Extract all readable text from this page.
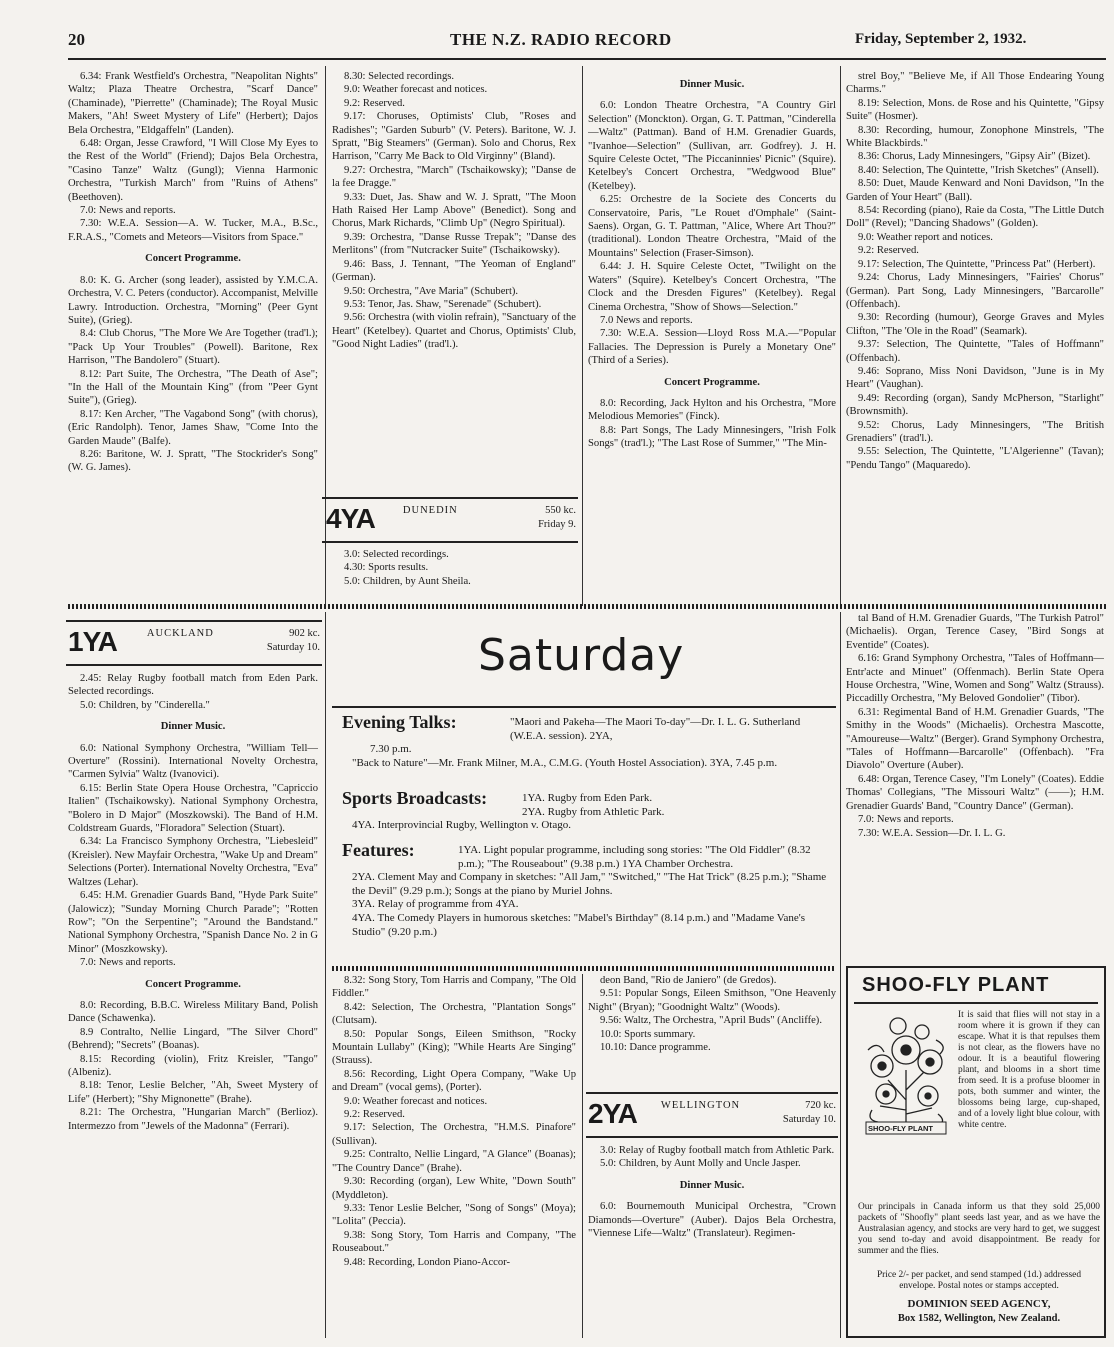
20	THE N.Z. RADIO RECORD	Friday, September 2, 1932.

6.34: Frank Westfield's Orchestra, "Neapolitan Nights" Waltz; Plaza Theatre Orchestra, "Scarf Dance" (Chaminade), "Pierrette" (Chaminade); The Royal Music Makers, "Ah! Sweet Mystery of Life" (Herbert); Dajos Bela Orchestra, "Eldgaffeln" (Landen).

6.48: Organ, Jesse Crawford, "I Will Close My Eyes to the Rest of the World" (Friend); Dajos Bela Orchestra, "Casino Tanze" Waltz (Gungl); Vienna Harmonic Orchestra, "Turkish March" from "Ruins of Athens" (Beethoven).

7.0: News and reports.

7.30: W.E.A. Session—A. W. Tucker, M.A., B.Sc., F.R.A.S., "Comets and Meteors—Visitors from Space."

Concert Programme.

8.0: K. G. Archer (song leader), assisted by Y.M.C.A. Orchestra, V. C. Peters (conductor). Accompanist, Melville Lawry. Introduction. Orchestra, "Morning" (Peer Gynt Suite), (Grieg).

8.4: Club Chorus, "The More We Are Together (trad'l.); "Pack Up Your Troubles" (Powell). Baritone, Rex Harrison, "The Bandolero" (Stuart).

8.12: Part Suite, The Orchestra, "The Death of Ase"; "In the Hall of the Mountain King" (from "Peer Gynt Suite"), (Grieg).

8.17: Ken Archer, "The Vagabond Song" (with chorus), (Eric Randolph). Tenor, James Shaw, "Come Into the Garden Maude" (Balfe).

8.26: Baritone, W. J. Spratt, "The Stockrider's Song" (W. G. James).

8.30: Selected recordings.

9.0: Weather forecast and notices.

9.2: Reserved.

9.17: Choruses, Optimists' Club, "Roses and Radishes"; "Garden Suburb" (V. Peters). Baritone, W. J. Spratt, "Big Steamers" (German). Solo and Chorus, Rex Harrison, "Carry Me Back to Old Virginny" (Bland).

9.27: Orchestra, "March" (Tschaikowsky); "Danse de la fee Dragge."

9.33: Duet, Jas. Shaw and W. J. Spratt, "The Moon Hath Raised Her Lamp Above" (Benedict). Song and Chorus, Mark Richards, "Climb Up" (Negro Spiritual).

9.39: Orchestra, "Danse Russe Trepak"; "Danse des Merlitons" (from "Nutcracker Suite" (Tschaikowsky).

9.46: Bass, J. Tennant, "The Yeoman of England" (German).

9.50: Orchestra, "Ave Maria" (Schubert).

9.53: Tenor, Jas. Shaw, "Serenade" (Schubert).

9.56: Orchestra (with violin refrain), "Sanctuary of the Heart" (Ketelbey). Quartet and Chorus, Optimists' Club, "Good Night Ladies" (trad'l.).

4YA	DUNEDIN	550 kc.
Friday 9.

3.0: Selected recordings.

4.30: Sports results.

5.0: Children, by Aunt Sheila.

Dinner Music.

6.0: London Theatre Orchestra, "A Country Girl Selection" (Monckton). Organ, G. T. Pattman, "Cinderella—Waltz" (Pattman). Band of H.M. Grenadier Guards, "Ivanhoe—Selection" (Sullivan, arr. Godfrey). J. H. Squire Celeste Octet, "The Piccaninnies' Picnic" (Squire). Ketelbey's Concert Orchestra, "Wedgwood Blue" (Ketelbey).

6.25: Orchestre de la Societe des Concerts du Conservatoire, Paris, "Le Rouet d'Omphale" (Saint-Saens). Organ, G. T. Pattman, "Alice, Where Art Thou?" (traditional). London Theatre Orchestra, "Maid of the Mountains" Selection (Fraser-Simson).

6.44: J. H. Squire Celeste Octet, "Twilight on the Waters" (Squire). Ketelbey's Concert Orchestra, "The Clock and the Dresden Figures" (Ketelbey). Regal Cinema Orchestra, "Show of Shows—Selection."

7.0 News and reports.

7.30: W.E.A. Session—Lloyd Ross M.A.—"Popular Fallacies. The Depression is Purely a Monetary One" (Third of a Series).

Concert Programme.

8.0: Recording, Jack Hylton and his Orchestra, "More Melodious Memories" (Finck).

8.8: Part Songs, The Lady Minnesingers, "Irish Folk Songs" (trad'l.); "The Last Rose of Summer," "The Min-

strel Boy," "Believe Me, if All Those Endearing Young Charms."

8.19: Selection, Mons. de Rose and his Quintette, "Gipsy Suite" (Hosmer).

8.30: Recording, humour, Zonophone Minstrels, "The White Blackbirds."

8.36: Chorus, Lady Minnesingers, "Gipsy Air" (Bizet).

8.40: Selection, The Quintette, "Irish Sketches" (Ansell).

8.50: Duet, Maude Kenward and Noni Davidson, "In the Garden of Your Heart" (Ball).

8.54: Recording (piano), Raie da Costa, "The Little Dutch Doll" (Revel); "Dancing Shadows" (Golden).

9.0: Weather report and notices.

9.2: Reserved.

9.17: Selection, The Quintette, "Princess Pat" (Herbert).

9.24: Chorus, Lady Minnesingers, "Fairies' Chorus" (German). Part Song, Lady Minnesingers, "Barcarolle" (Offenbach).

9.30: Recording (humour), George Graves and Myles Clifton, "The 'Ole in the Road" (Seamark).

9.37: Selection, The Quintette, "Tales of Hoffmann" (Offenbach).

9.46: Soprano, Miss Noni Davidson, "June is in My Heart" (Vaughan).

9.49: Recording (organ), Sandy McPherson, "Starlight" (Brownsmith).

9.52: Chorus, Lady Minnesingers, "The British Grenadiers" (trad'l.).

9.55: Selection, The Quintette, "L'Algerienne" (Tavan); "Pendu Tango" (Maquaredo).

1YA	AUCKLAND	902 kc.
Saturday 10.

2.45: Relay Rugby football match from Eden Park. Selected recordings.

5.0: Children, by "Cinderella."

Dinner Music.

6.0: National Symphony Orchestra, "William Tell—Overture" (Rossini). International Novelty Orchestra, "Carmen Sylvia" Waltz (Ivanovici).

6.15: Berlin State Opera House Orchestra, "Capriccio Italien" (Tschaikowsky). National Symphony Orchestra, "Bolero in D Major" (Moszkowski). The Band of H.M. Coldstream Guards, "Floradora" Selection (Stuart).

6.34: La Francisco Symphony Orchestra, "Liebesleid" (Kreisler). New Mayfair Orchestra, "Wake Up and Dream" Selections (Porter). International Novelty Orchestra, "Eva" Waltzes (Lehar).

6.45: H.M. Grenadier Guards Band, "Hyde Park Suite" (Jalowicz); "Sunday Morning Church Parade"; "Rotten Row"; "On the Serpentine"; "Around the Bandstand." National Symphony Orchestra, "Spanish Dance No. 2 in G Minor" (Moszkowsky).

7.0: News and reports.

Concert Programme.

8.0: Recording, B.B.C. Wireless Military Band, Polish Dance (Schawenka).

8.9 Contralto, Nellie Lingard, "The Silver Chord" (Behrend); "Secrets" (Boanas).

8.15: Recording (violin), Fritz Kreisler, "Tango" (Albeniz).

8.18: Tenor, Leslie Belcher, "Ah, Sweet Mystery of Life" (Herbert); "Shy Mignonette" (Brahe).

8.21: The Orchestra, "Hungarian March" (Berlioz). Intermezzo from "Jewels of the Madonna" (Ferrari).

Saturday
Evening Talks:	"Maori and Pakeha—The Maori To-day"—Dr. I. L. G. Sutherland (W.E.A. session). 2YA,
7.30 p.m.
"Back to Nature"—Mr. Frank Milner, M.A., C.M.G. (Youth Hostel Association). 3YA, 7.45 p.m.
Sports Broadcasts:	1YA. Rugby from Eden Park.
2YA. Rugby from Athletic Park.
4YA. Interprovincial Rugby, Wellington v. Otago.
Features:	1YA. Light popular programme, including song stories: "The Old Fiddler" (8.32 p.m.); "The Rouseabout" (9.38 p.m.) 1YA Chamber Orchestra.
2YA. Clement May and Company in sketches: "All Jam," "Switched," "The Hat Trick" (8.25 p.m.); "Shame the Devil" (9.29 p.m.); Songs at the piano by Muriel Johns.
3YA. Relay of programme from 4YA.
4YA. The Comedy Players in humorous sketches: "Mabel's Birthday" (8.14 p.m.) and "Madame Vane's Studio" (9.20 p.m.)

8.32: Song Story, Tom Harris and Company, "The Old Fiddler."

8.42: Selection, The Orchestra, "Plantation Songs" (Clutsam).

8.50: Popular Songs, Eileen Smithson, "Rocky Mountain Lullaby" (King); "While Hearts Are Singing" (Strauss).

8.56: Recording, Light Opera Company, "Wake Up and Dream" (vocal gems), (Porter).

9.0: Weather forecast and notices.

9.2: Reserved.

9.17: Selection, The Orchestra, "H.M.S. Pinafore" (Sullivan).

9.25: Contralto, Nellie Lingard, "A Glance" (Boanas); "The Country Dance" (Brahe).

9.30: Recording (organ), Lew White, "Down South" (Myddleton).

9.33: Tenor Leslie Belcher, "Song of Songs" (Moya); "Lolita" (Peccia).

9.38: Song Story, Tom Harris and Company, "The Rouseabout."

9.48: Recording, London Piano-Accor-

deon Band, "Rio de Janiero" (de Gredos).

9.51: Popular Songs, Eileen Smithson, "One Heavenly Night" (Bryan); "Goodnight Waltz" (Woods).

9.56: Waltz, The Orchestra, "April Buds" (Ancliffe).

10.0: Sports summary.

10.10: Dance programme.

2YA WELLINGTON	720 kc.
Saturday 10.

3.0: Relay of Rugby football match from Athletic Park.

5.0: Children, by Aunt Molly and Uncle Jasper.

Dinner Music.

6.0: Bournemouth Municipal Orchestra, "Crown Diamonds—Overture" (Auber). Dajos Bela Orchestra, "Viennese Life—Waltz" (Translateur). Regimen-

tal Band of H.M. Grenadier Guards, "The Turkish Patrol" (Michaelis). Organ, Terence Casey, "Bird Songs at Eventide" (Coates).

6.16: Grand Symphony Orchestra, "Tales of Hoffmann—Entr'acte and Minuet" (Offenmach). Berlin State Opera House Orchestra, "Wine, Women and Song" Waltz (Strauss). Piccadilly Orchestra, "My Beloved Gondolier" (Tibor).

6.31: Regimental Band of H.M. Grenadier Guards, "The Smithy in the Woods" (Michaelis). Orchestra Mascotte, "Amoureuse—Waltz" (Berger). Grand Symphony Orchestra, "Tales of Hoffmann—Barcarolle" (Offenbach). "Fra Diavolo" Overture (Auber).

6.48: Organ, Terence Casey, "I'm Lonely" (Coates). Eddie Thomas' Collegians, "The Missouri Waltz" (——); H.M. Grenadier Guards' Band, "Country Dance" (German).

7.0: News and reports.

7.30: W.E.A. Session—Dr. I. L. G.

SHOO-FLY PLANT
SHOO-FLY PLANT
It is said that flies will not stay in a room where it is grown if they can escape. What it is that repulses them is not clear, as the flowers have no odour. It is a beautiful flowering plant, and blooms in a short time from seed. It is a profuse bloomer in pots, both summer and winter, the blossoms being large, cup-shaped, and of a lovely light blue colour, with white centre.
Our principals in Canada inform us that they sold 25,000 packets of "Shoofly" plant seeds last year, and as we have the Australasian agency, and stocks are very hard to get, we suggest you send to-day and avoid disappointment. Be ready for summer and the flies.
Price 2/- per packet, and send stamped (1d.) addressed envelope. Postal notes or stamps accepted.
DOMINION SEED AGENCY,
Box 1582, Wellington, New Zealand.
